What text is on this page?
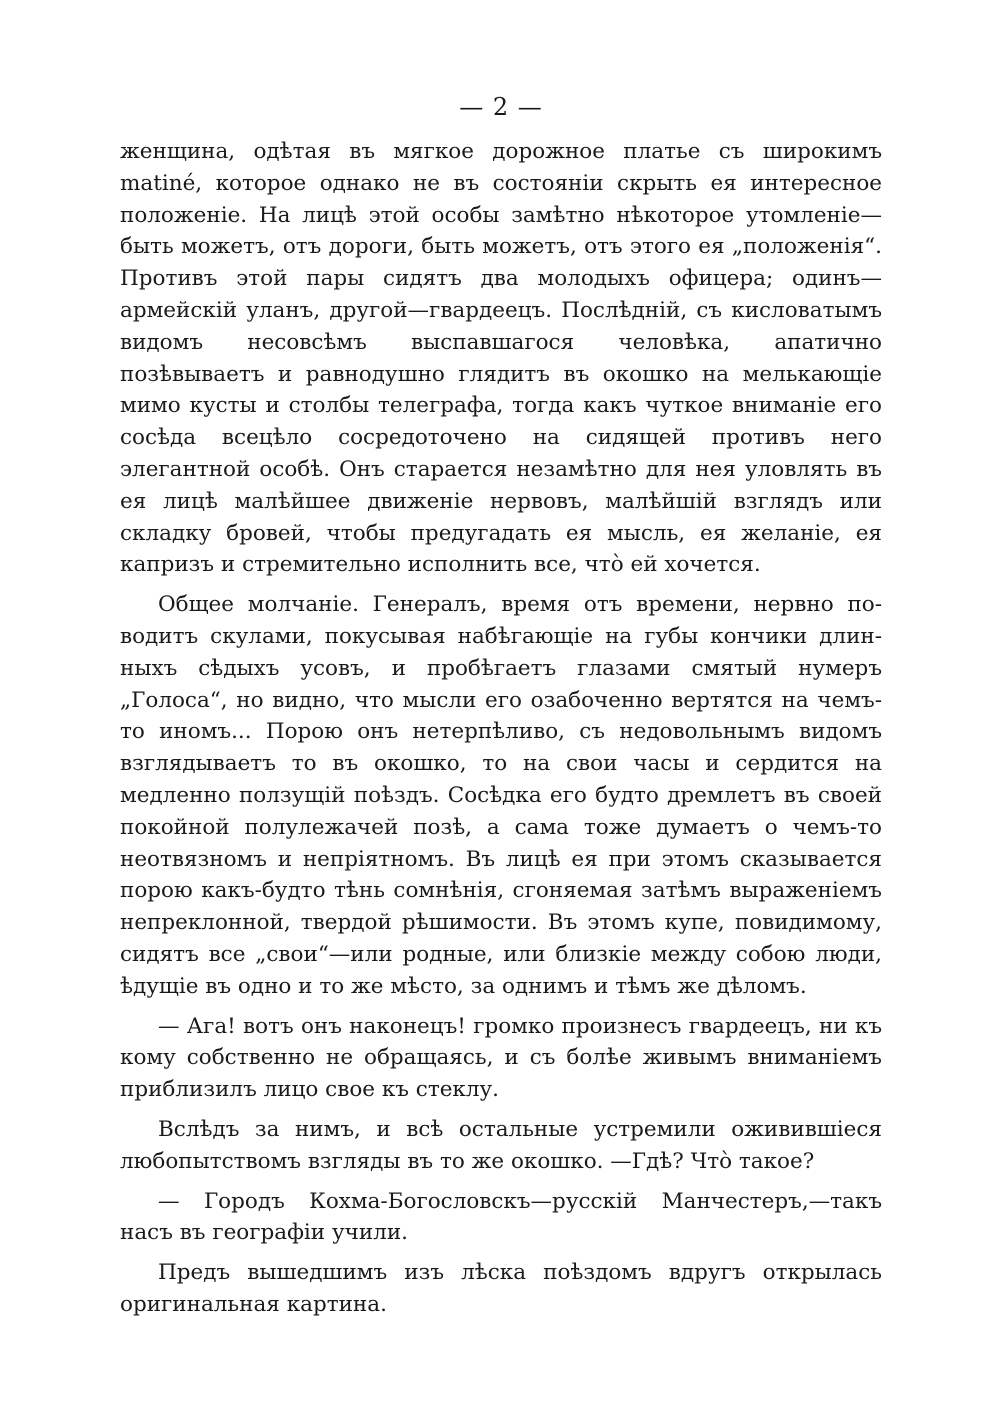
— 2 —

женщина, одѣтая въ мягкое дорожное платье съ широкимъ matiné, которое однако не въ состояніи скрыть ея интересное положеніе. На лицѣ этой особы замѣтно нѣкоторое утомленіе—быть можетъ, отъ дороги, быть можетъ, отъ этого ея „положенія“. Противъ этой пары сидятъ два молодыхъ офицера; одинъ—армейскій уланъ, другой—гвардеецъ. Послѣдній, съ кисловатымъ видомъ несовсѣмъ выспавшагося человѣка, апатично позѣвываетъ и равнодушно глядитъ въ окошко на мелькающіе мимо кусты и столбы телеграфа, тогда какъ чуткое вниманіе его сосѣда всецѣло сосредоточено на сидящей противъ него элегантной особѣ. Онъ старается незамѣтно для нея уловлять въ ея лицѣ малѣйшее движеніе нервовъ, малѣйшій взглядъ или складку бровей, чтобы предугадать ея мысль, ея желаніе, ея капризъ и стремительно исполнить все, что̀ ей хочется.

Общее молчаніе. Генералъ, время отъ времени, нервно поводитъ скулами, покусывая набѣгающіе на губы кончики длинныхъ сѣдыхъ усовъ, и пробѣгаетъ глазами смятый нумеръ „Голоса“, но видно, что мысли его озабоченно вертятся на чемъ-то иномъ... Порою онъ нетерпѣливо, съ недовольнымъ видомъ взглядываетъ то въ окошко, то на свои часы и сердится на медленно ползущій поѣздъ. Сосѣдка его будто дремлетъ въ своей покойной полулежачей позѣ, а сама тоже думаетъ о чемъ-то неотвязномъ и непріятномъ. Въ лицѣ ея при этомъ сказывается порою какъ-будто тѣнь сомнѣнія, сгоняемая затѣмъ выраженіемъ непреклонной, твердой рѣшимости. Въ этомъ купе, повидимому, сидятъ все „свои“—или родные, или близкіе между собою люди, ѣдущіе въ одно и то же мѣсто, за однимъ и тѣмъ же дѣломъ.

— Ага! вотъ онъ наконецъ! громко произнесъ гвардеецъ, ни къ кому собственно не обращаясь, и съ болѣе живымъ вниманіемъ приблизилъ лицо свое къ стеклу.

Вслѣдъ за нимъ, и всѣ остальные устремили оживившіеся любопытствомъ взгляды въ то же окошко. —Гдѣ? Что̀ такое?

— Городъ Кохма-Богословскъ—русскій Манчестеръ,—такъ насъ въ географіи учили.

Предъ вышедшимъ изъ лѣска поѣздомъ вдругъ открылась оригинальная картина.
